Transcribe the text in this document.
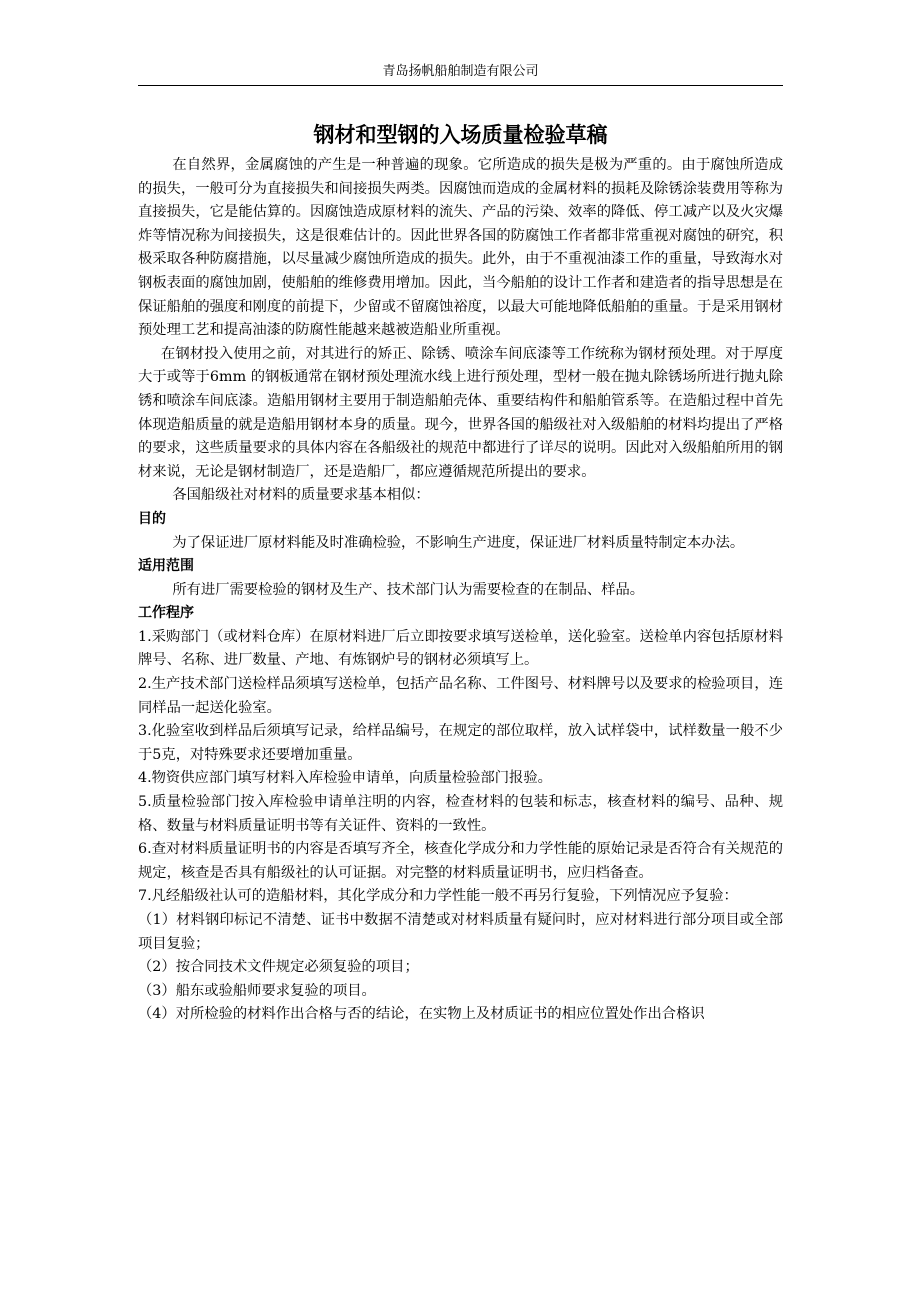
青岛扬帆船舶制造有限公司
钢材和型钢的入场质量检验草稿

在自然界，金属腐蚀的产生是一种普遍的现象。它所造成的损失是极为严重的。由于腐蚀所造成的损失，一般可分为直接损失和间接损失两类。因腐蚀而造成的金属材料的损耗及除锈涂装费用等称为直接损失，它是能估算的。因腐蚀造成原材料的流失、产品的污染、效率的降低、停工减产以及火灾爆炸等情况称为间接损失，这是很难估计的。因此世界各国的防腐蚀工作者都非常重视对腐蚀的研究，积极采取各种防腐措施，以尽量减少腐蚀所造成的损失。此外，由于不重视油漆工作的重量，导致海水对钢板表面的腐蚀加剧，使船舶的维修费用增加。因此，当今船舶的设计工作者和建造者的指导思想是在保证船舶的强度和刚度的前提下，少留或不留腐蚀裕度，以最大可能地降低船舶的重量。于是采用钢材预处理工艺和提高油漆的防腐性能越来越被造船业所重视。

在钢材投入使用之前，对其进行的矫正、除锈、喷涂车间底漆等工作统称为钢材预处理。对于厚度大于或等于6mm 的钢板通常在钢材预处理流水线上进行预处理，型材一般在抛丸除锈场所进行抛丸除锈和喷涂车间底漆。造船用钢材主要用于制造船舶壳体、重要结构件和船舶管系等。在造船过程中首先体现造船质量的就是造船用钢材本身的质量。现今，世界各国的船级社对入级船舶的材料均提出了严格的要求，这些质量要求的具体内容在各船级社的规范中都进行了详尽的说明。因此对入级船舶所用的钢材来说，无论是钢材制造厂，还是造船厂，都应遵循规范所提出的要求。

各国船级社对材料的质量要求基本相似：

目的

为了保证进厂原材料能及时准确检验，不影响生产进度，保证进厂材料质量特制定本办法。

适用范围

所有进厂需要检验的钢材及生产、技术部门认为需要检查的在制品、样品。

工作程序

1.采购部门（或材料仓库）在原材料进厂后立即按要求填写送检单，送化验室。送检单内容包括原材料牌号、名称、进厂数量、产地、有炼钢炉号的钢材必须填写上。

2.生产技术部门送检样品须填写送检单，包括产品名称、工件图号、材料牌号以及要求的检验项目，连同样品一起送化验室。

3.化验室收到样品后须填写记录，给样品编号，在规定的部位取样，放入试样袋中，试样数量一般不少于5克，对特殊要求还要增加重量。

4.物资供应部门填写材料入库检验申请单，向质量检验部门报验。

5.质量检验部门按入库检验申请单注明的内容，检查材料的包装和标志，核查材料的编号、品种、规格、数量与材料质量证明书等有关证件、资料的一致性。

6.查对材料质量证明书的内容是否填写齐全，核查化学成分和力学性能的原始记录是否符合有关规范的规定，核查是否具有船级社的认可证据。对完整的材料质量证明书，应归档备查。

7.凡经船级社认可的造船材料，其化学成分和力学性能一般不再另行复验，下列情况应予复验：

（1）材料钢印标记不清楚、证书中数据不清楚或对材料质量有疑问时，应对材料进行部分项目或全部项目复验；

（2）按合同技术文件规定必须复验的项目；

（3）船东或验船师要求复验的项目。

（4）对所检验的材料作出合格与否的结论，在实物上及材质证书的相应位置处作出合格识
